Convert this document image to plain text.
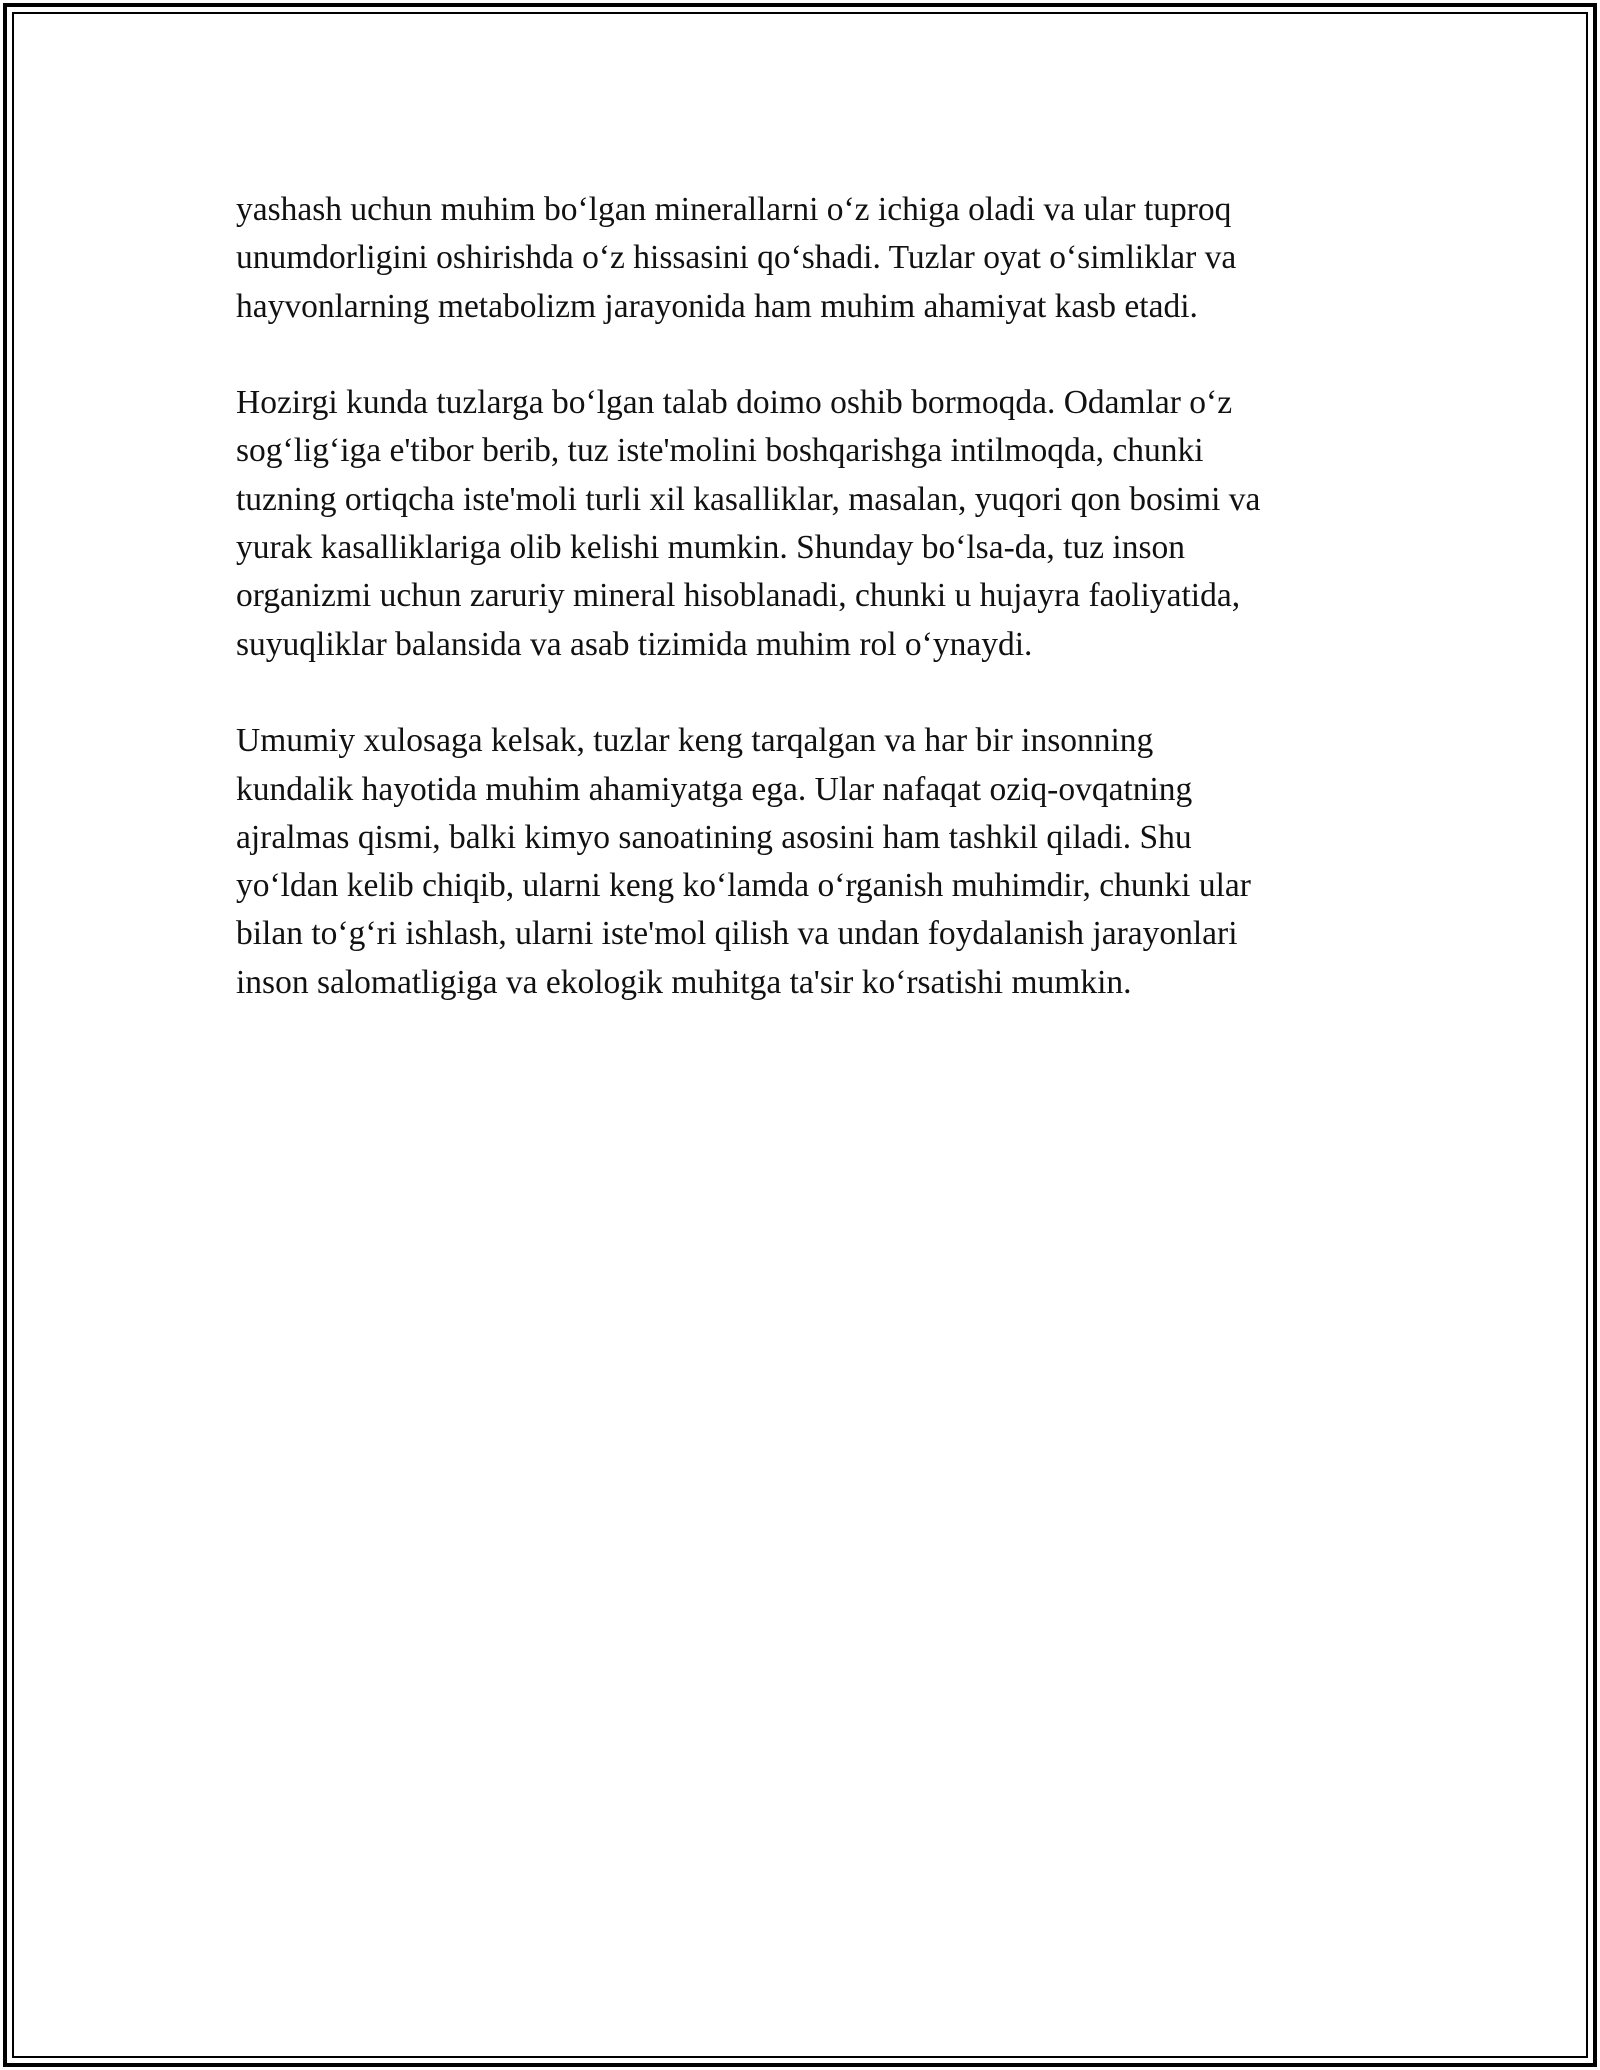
yashash uchun muhim bo‘lgan minerallarni o‘z ichiga oladi va ular tuproq
unumdorligini oshirishda o‘z hissasini qo‘shadi. Tuzlar oyat o‘simliklar va
hayvonlarning metabolizm jarayonida ham muhim ahamiyat kasb etadi.

Hozirgi kunda tuzlarga bo‘lgan talab doimo oshib bormoqda. Odamlar o‘z
sog‘lig‘iga e'tibor berib, tuz iste'molini boshqarishga intilmoqda, chunki
tuzning ortiqcha iste'moli turli xil kasalliklar, masalan, yuqori qon bosimi va
yurak kasalliklariga olib kelishi mumkin. Shunday bo‘lsa-da, tuz inson
organizmi uchun zaruriy mineral hisoblanadi, chunki u hujayra faoliyatida,
suyuqliklar balansida va asab tizimida muhim rol o‘ynaydi.

Umumiy xulosaga kelsak, tuzlar keng tarqalgan va har bir insonning
kundalik hayotida muhim ahamiyatga ega. Ular nafaqat oziq-ovqatning
ajralmas qismi, balki kimyo sanoatining asosini ham tashkil qiladi. Shu
yo‘ldan kelib chiqib, ularni keng ko‘lamda o‘rganish muhimdir, chunki ular
bilan to‘g‘ri ishlash, ularni iste'mol qilish va undan foydalanish jarayonlari
inson salomatligiga va ekologik muhitga ta'sir ko‘rsatishi mumkin.
